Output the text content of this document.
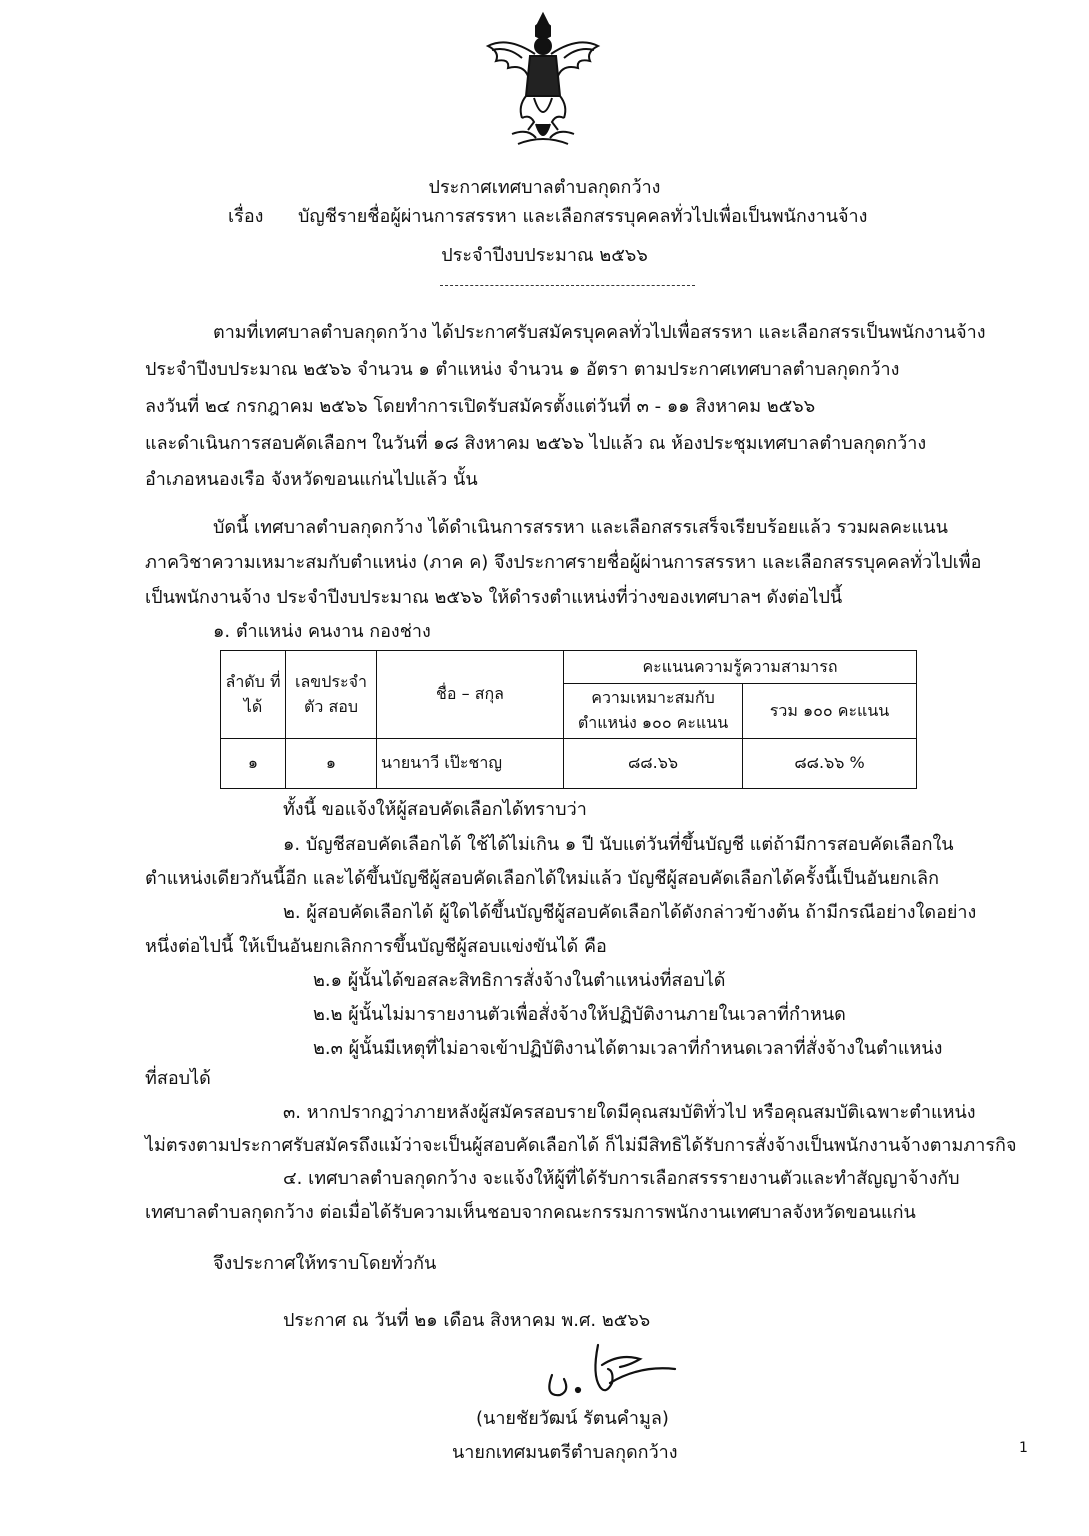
ประกาศเทศบาลตำบลกุดกว้าง
เรื่อง บัญชีรายชื่อผู้ผ่านการสรรหา และเลือกสรรบุคคลทั่วไปเพื่อเป็นพนักงานจ้าง
ประจำปีงบประมาณ ๒๕๖๖
ตามที่เทศบาลตำบลกุดกว้าง ได้ประกาศรับสมัครบุคคลทั่วไปเพื่อสรรหา และเลือกสรรเป็นพนักงานจ้าง
ประจำปีงบประมาณ ๒๕๖๖ จำนวน ๑ ตำแหน่ง จำนวน ๑ อัตรา ตามประกาศเทศบาลตำบลกุดกว้าง
ลงวันที่ ๒๔ กรกฎาคม ๒๕๖๖ โดยทำการเปิดรับสมัครตั้งแต่วันที่ ๓ - ๑๑ สิงหาคม ๒๕๖๖
และดำเนินการสอบคัดเลือกฯ ในวันที่ ๑๘ สิงหาคม ๒๕๖๖ ไปแล้ว ณ ห้องประชุมเทศบาลตำบลกุดกว้าง
อำเภอหนองเรือ จังหวัดขอนแก่นไปแล้ว นั้น
บัดนี้ เทศบาลตำบลกุดกว้าง ได้ดำเนินการสรรหา และเลือกสรรเสร็จเรียบร้อยแล้ว รวมผลคะแนน
ภาควิชาความเหมาะสมกับตำแหน่ง (ภาค ค) จึงประกาศรายชื่อผู้ผ่านการสรรหา และเลือกสรรบุคคลทั่วไปเพื่อ
เป็นพนักงานจ้าง ประจำปีงบประมาณ ๒๕๖๖ ให้ดำรงตำแหน่งที่ว่างของเทศบาลฯ ดังต่อไปนี้
๑. ตำแหน่ง คนงาน กองช่าง
ลำดับ ที่ได้	เลขประจำตัว สอบ	ชื่อ – สกุล	คะแนนความรู้ความสามารถ	
			ความเหมาะสมกับ ตำแหน่ง ๑๐๐ คะแนน	รวม ๑๐๐ คะแนน
๑	๑	นายนาวี เป๊ะชาญ	๘๘.๖๖	๘๘.๖๖ %
ทั้งนี้ ขอแจ้งให้ผู้สอบคัดเลือกได้ทราบว่า
๑. บัญชีสอบคัดเลือกได้ ใช้ได้ไม่เกิน ๑ ปี นับแต่วันที่ขึ้นบัญชี แต่ถ้ามีการสอบคัดเลือกใน
ตำแหน่งเดียวกันนี้อีก และได้ขึ้นบัญชีผู้สอบคัดเลือกได้ใหม่แล้ว บัญชีผู้สอบคัดเลือกได้ครั้งนี้เป็นอันยกเลิก
๒. ผู้สอบคัดเลือกได้ ผู้ใดได้ขึ้นบัญชีผู้สอบคัดเลือกได้ดังกล่าวข้างต้น ถ้ามีกรณีอย่างใดอย่าง
หนึ่งต่อไปนี้ ให้เป็นอันยกเลิกการขึ้นบัญชีผู้สอบแข่งขันได้ คือ
๒.๑ ผู้นั้นได้ขอสละสิทธิการสั่งจ้างในตำแหน่งที่สอบได้
๒.๒ ผู้นั้นไม่มารายงานตัวเพื่อสั่งจ้างให้ปฏิบัติงานภายในเวลาที่กำหนด
๒.๓ ผู้นั้นมีเหตุที่ไม่อาจเข้าปฏิบัติงานได้ตามเวลาที่กำหนดเวลาที่สั่งจ้างในตำแหน่ง
ที่สอบได้
๓. หากปรากฏว่าภายหลังผู้สมัครสอบรายใดมีคุณสมบัติทั่วไป หรือคุณสมบัติเฉพาะตำแหน่ง
ไม่ตรงตามประกาศรับสมัครถึงแม้ว่าจะเป็นผู้สอบคัดเลือกได้ ก็ไม่มีสิทธิได้รับการสั่งจ้างเป็นพนักงานจ้างตามภารกิจ
๔. เทศบาลตำบลกุดกว้าง จะแจ้งให้ผู้ที่ได้รับการเลือกสรรรายงานตัวและทำสัญญาจ้างกับ
เทศบาลตำบลกุดกว้าง ต่อเมื่อได้รับความเห็นชอบจากคณะกรรมการพนักงานเทศบาลจังหวัดขอนแก่น
จึงประกาศให้ทราบโดยทั่วกัน
ประกาศ ณ วันที่ ๒๑ เดือน สิงหาคม พ.ศ. ๒๕๖๖
(นายชัยวัฒน์ รัตนคำมูล)
นายกเทศมนตรีตำบลกุดกว้าง	1
